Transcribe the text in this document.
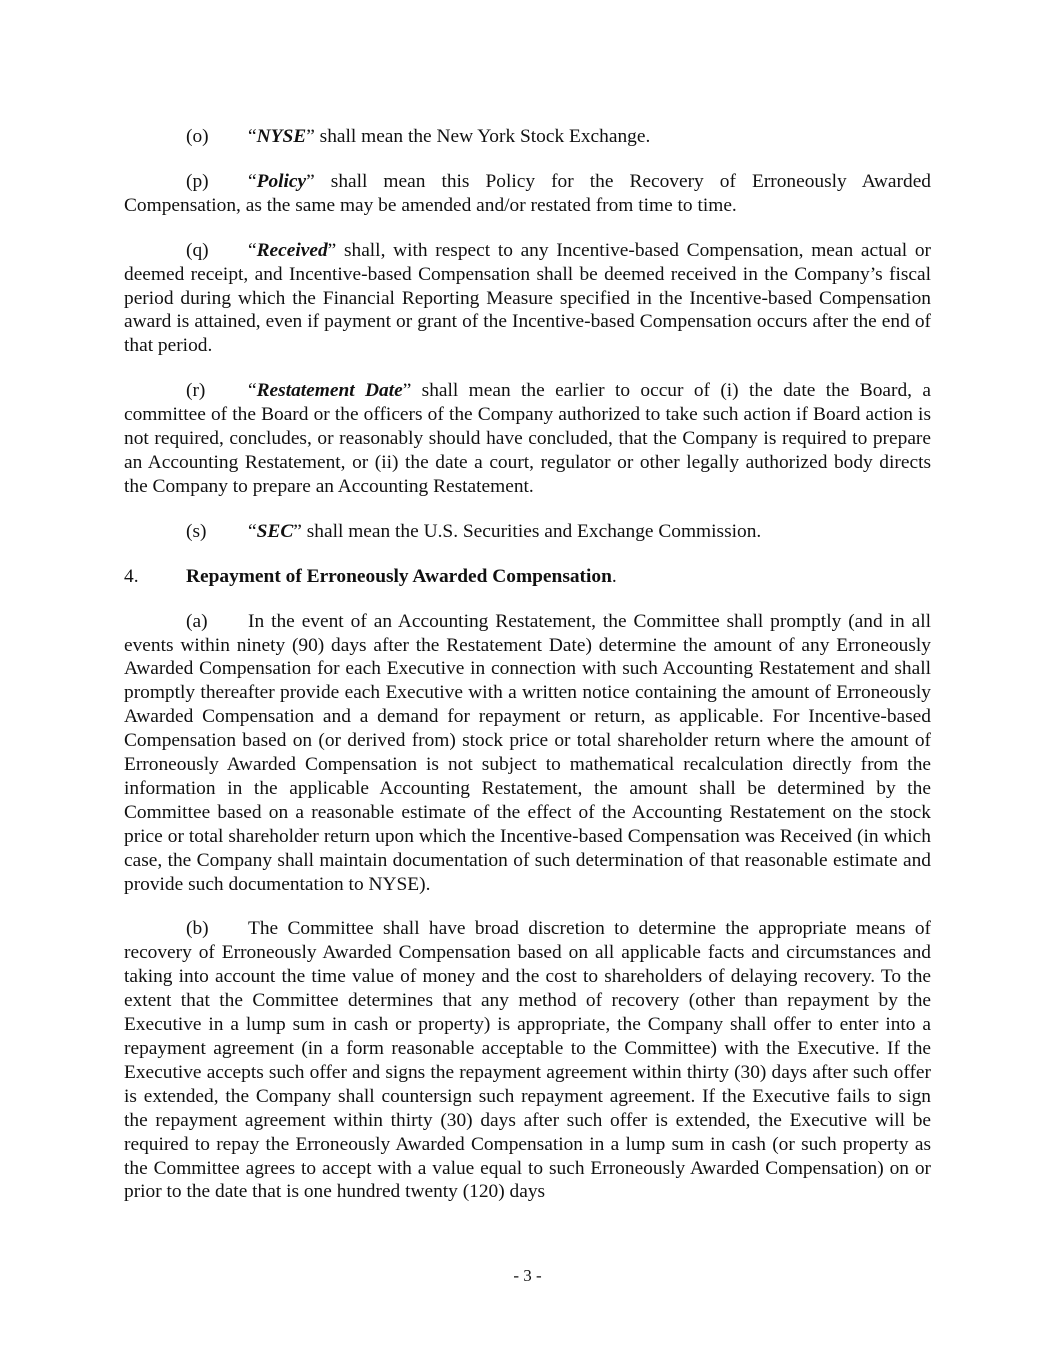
(o) “NYSE” shall mean the New York Stock Exchange.

(p) “Policy” shall mean this Policy for the Recovery of Erroneously Awarded Compensation, as the same may be amended and/or restated from time to time.

(q) “Received” shall, with respect to any Incentive-based Compensation, mean actual or deemed receipt, and Incentive-based Compensation shall be deemed received in the Company’s fiscal period during which the Financial Reporting Measure specified in the Incentive-based Compensation award is attained, even if payment or grant of the Incentive-based Compensation occurs after the end of that period.

(r) “Restatement Date” shall mean the earlier to occur of (i) the date the Board, a committee of the Board or the officers of the Company authorized to take such action if Board action is not required, concludes, or reasonably should have concluded, that the Company is required to prepare an Accounting Restatement, or (ii) the date a court, regulator or other legally authorized body directs the Company to prepare an Accounting Restatement.

(s) “SEC” shall mean the U.S. Securities and Exchange Commission.

4. Repayment of Erroneously Awarded Compensation.

(a) In the event of an Accounting Restatement, the Committee shall promptly (and in all events within ninety (90) days after the Restatement Date) determine the amount of any Erroneously Awarded Compensation for each Executive in connection with such Accounting Restatement and shall promptly thereafter provide each Executive with a written notice containing the amount of Erroneously Awarded Compensation and a demand for repayment or return, as applicable. For Incentive-based Compensation based on (or derived from) stock price or total shareholder return where the amount of Erroneously Awarded Compensation is not subject to mathematical recalculation directly from the information in the applicable Accounting Restatement, the amount shall be determined by the Committee based on a reasonable estimate of the effect of the Accounting Restatement on the stock price or total shareholder return upon which the Incentive-based Compensation was Received (in which case, the Company shall maintain documentation of such determination of that reasonable estimate and provide such documentation to NYSE).

(b) The Committee shall have broad discretion to determine the appropriate means of recovery of Erroneously Awarded Compensation based on all applicable facts and circumstances and taking into account the time value of money and the cost to shareholders of delaying recovery. To the extent that the Committee determines that any method of recovery (other than repayment by the Executive in a lump sum in cash or property) is appropriate, the Company shall offer to enter into a repayment agreement (in a form reasonable acceptable to the Committee) with the Executive. If the Executive accepts such offer and signs the repayment agreement within thirty (30) days after such offer is extended, the Company shall countersign such repayment agreement. If the Executive fails to sign the repayment agreement within thirty (30) days after such offer is extended, the Executive will be required to repay the Erroneously Awarded Compensation in a lump sum in cash (or such property as the Committee agrees to accept with a value equal to such Erroneously Awarded Compensation) on or prior to the date that is one hundred twenty (120) days

- 3 -
